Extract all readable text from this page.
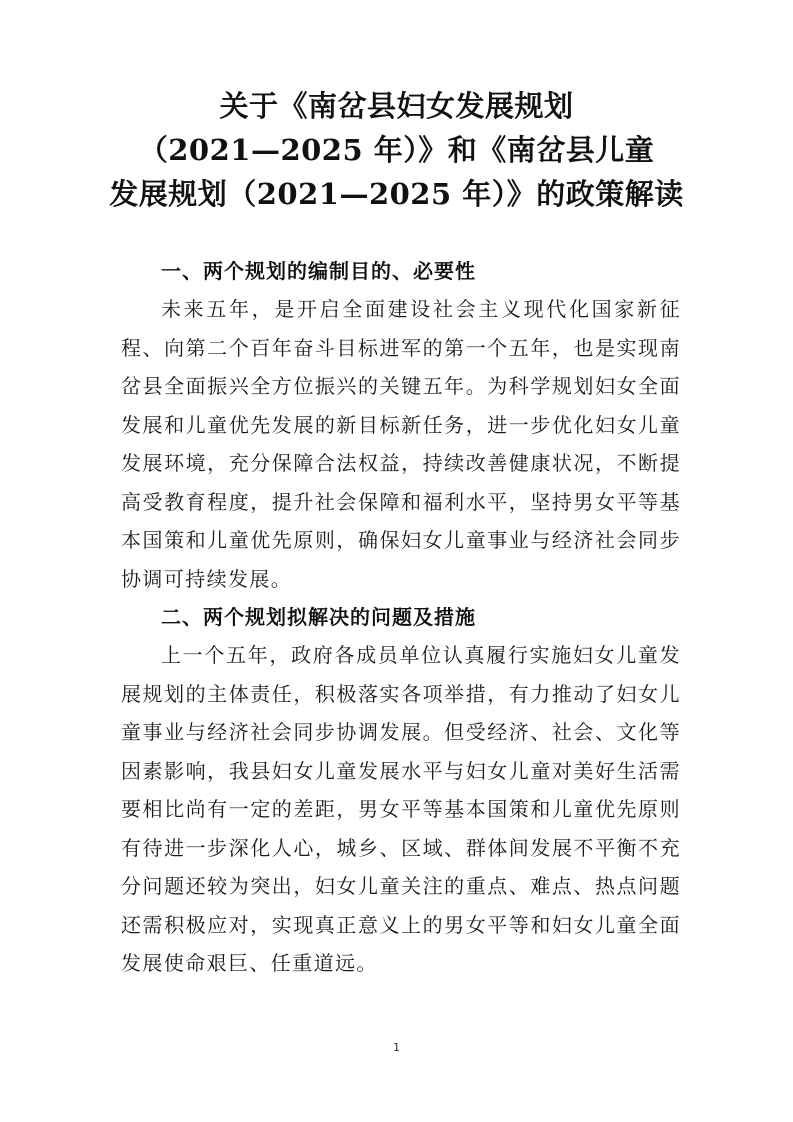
关于《南岔县妇女发展规划
（2021—2025 年）》和《南岔县儿童
发展规划（2021—2025 年）》的政策解读

一、两个规划的编制目的、必要性

未来五年，是开启全面建设社会主义现代化国家新征程、向第二个百年奋斗目标进军的第一个五年，也是实现南岔县全面振兴全方位振兴的关键五年。为科学规划妇女全面发展和儿童优先发展的新目标新任务，进一步优化妇女儿童发展环境，充分保障合法权益，持续改善健康状况，不断提高受教育程度，提升社会保障和福利水平，坚持男女平等基本国策和儿童优先原则，确保妇女儿童事业与经济社会同步协调可持续发展。

二、两个规划拟解决的问题及措施

上一个五年，政府各成员单位认真履行实施妇女儿童发展规划的主体责任，积极落实各项举措，有力推动了妇女儿童事业与经济社会同步协调发展。但受经济、社会、文化等因素影响，我县妇女儿童发展水平与妇女儿童对美好生活需要相比尚有一定的差距，男女平等基本国策和儿童优先原则有待进一步深化人心，城乡、区域、群体间发展不平衡不充分问题还较为突出，妇女儿童关注的重点、难点、热点问题还需积极应对，实现真正意义上的男女平等和妇女儿童全面发展使命艰巨、任重道远。

1
